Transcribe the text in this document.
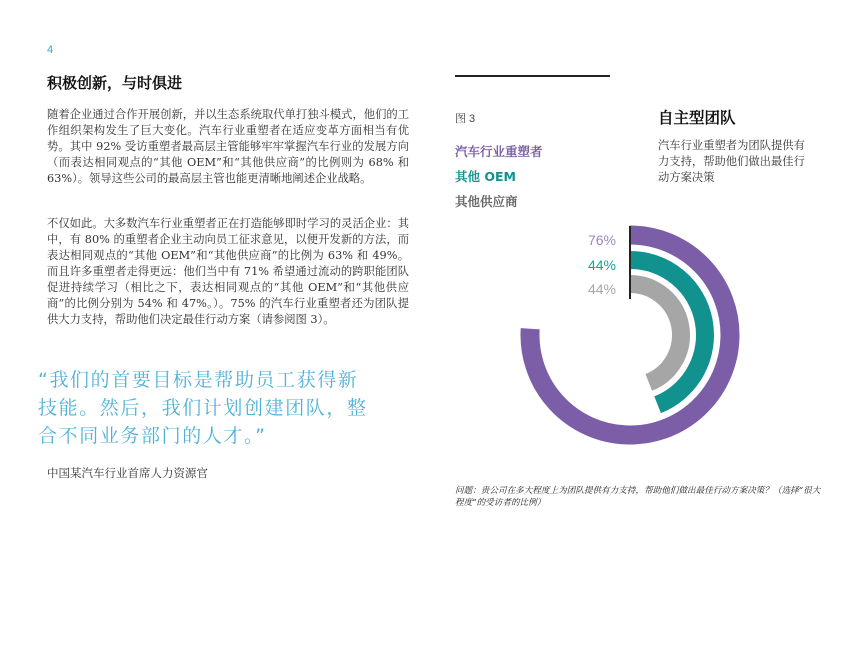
4
积极创新，与时俱进

随着企业通过合作开展创新，并以生态系统取代单打独斗模式，他们的工作组织架构发生了巨大变化。汽车行业重塑者在适应变革方面相当有优势。其中 92% 受访重塑者最高层主管能够牢牢掌握汽车行业的发展方向（而表达相同观点的“其他 OEM”和“其他供应商”的比例则为 68% 和 63%）。领导这些公司的最高层主管也能更清晰地阐述企业战略。

不仅如此。大多数汽车行业重塑者正在打造能够即时学习的灵活企业：其中，有 80% 的重塑者企业主动向员工征求意见，以便开发新的方法，而表达相同观点的“其他 OEM”和“其他供应商”的比例为 63% 和 49%。而且许多重塑者走得更远：他们当中有 71% 希望通过流动的跨职能团队促进持续学习（相比之下，表达相同观点的“其他 OEM”和“其他供应商”的比例分别为 54% 和 47%。）。75% 的汽车行业重塑者还为团队提供大力支持，帮助他们决定最佳行动方案（请参阅图 3）。

“我们的首要目标是帮助员工获得新技能。然后，我们计划创建团队，整合不同业务部门的人才。”
中国某汽车行业首席人力资源官
图 3
汽车行业重塑者
其他 OEM
其他供应商
自主型团队

汽车行业重塑者为团队提供有力支持，帮助他们做出最佳行动方案决策

76%
44%
44%

问题：贵公司在多大程度上为团队提供有力支持，帮助他们做出最佳行动方案决策？（选择“很大程度”的受访者的比例）
